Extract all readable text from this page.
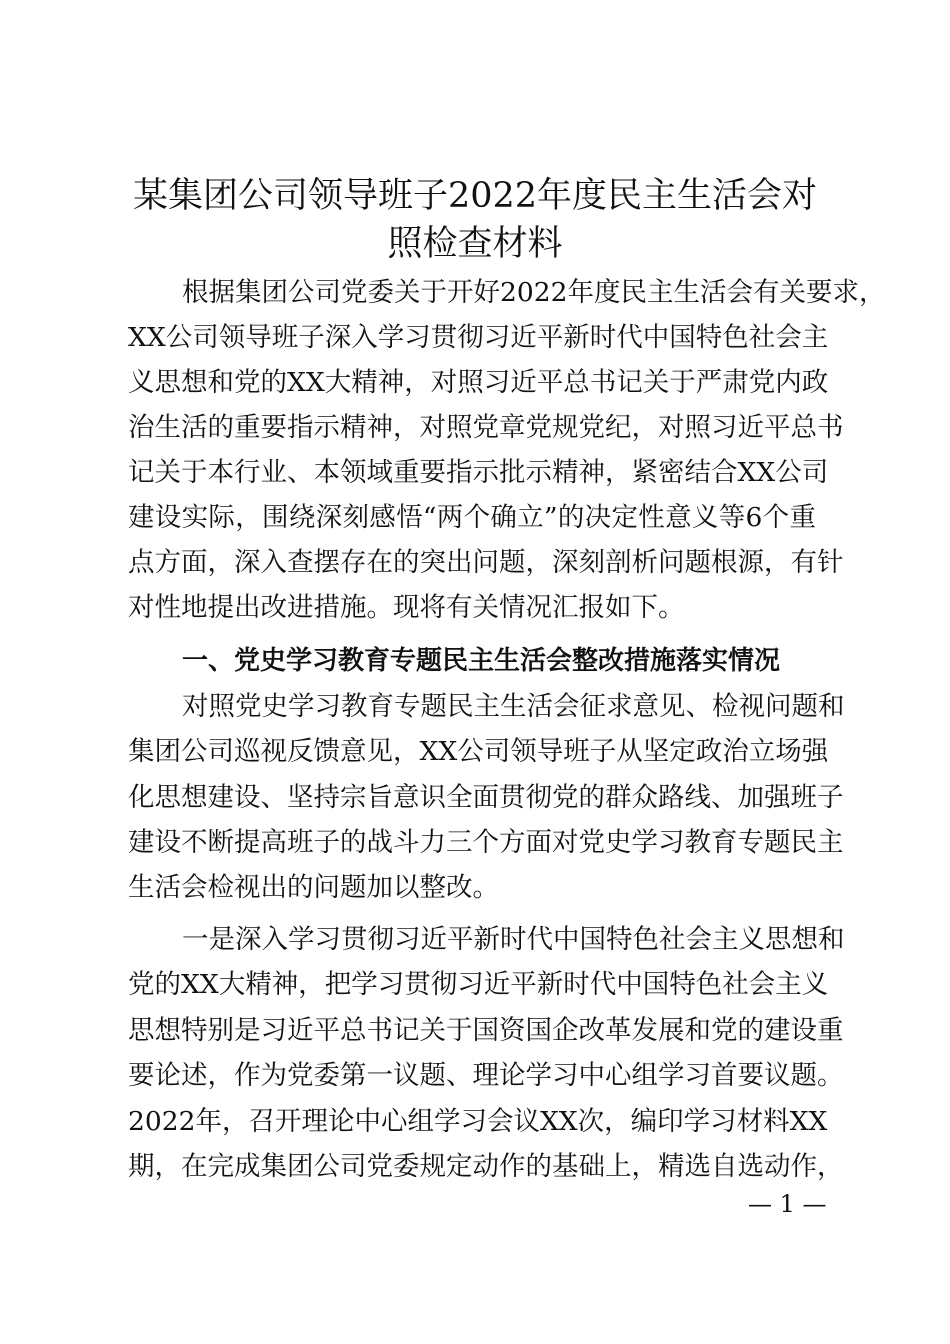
某集团公司领导班子2022年度民主生活会对
照检查材料
根据集团公司党委关于开好2022年度民主生活会有关要求，
XX公司领导班子深入学习贯彻习近平新时代中国特色社会主
义思想和党的XX大精神，对照习近平总书记关于严肃党内政
治生活的重要指示精神，对照党章党规党纪，对照习近平总书
记关于本行业、本领域重要指示批示精神，紧密结合XX公司
建设实际，围绕深刻感悟“两个确立”的决定性意义等6个重
点方面，深入查摆存在的突出问题，深刻剖析问题根源，有针
对性地提出改进措施。现将有关情况汇报如下。
一、党史学习教育专题民主生活会整改措施落实情况
对照党史学习教育专题民主生活会征求意见、检视问题和
集团公司巡视反馈意见，XX公司领导班子从坚定政治立场强
化思想建设、坚持宗旨意识全面贯彻党的群众路线、加强班子
建设不断提高班子的战斗力三个方面对党史学习教育专题民主
生活会检视出的问题加以整改。
一是深入学习贯彻习近平新时代中国特色社会主义思想和
党的XX大精神，把学习贯彻习近平新时代中国特色社会主义
思想特别是习近平总书记关于国资国企改革发展和党的建设重
要论述，作为党委第一议题、理论学习中心组学习首要议题。
2022年，召开理论中心组学习会议XX次，编印学习材料XX
期，在完成集团公司党委规定动作的基础上，精选自选动作，
— 1 —
